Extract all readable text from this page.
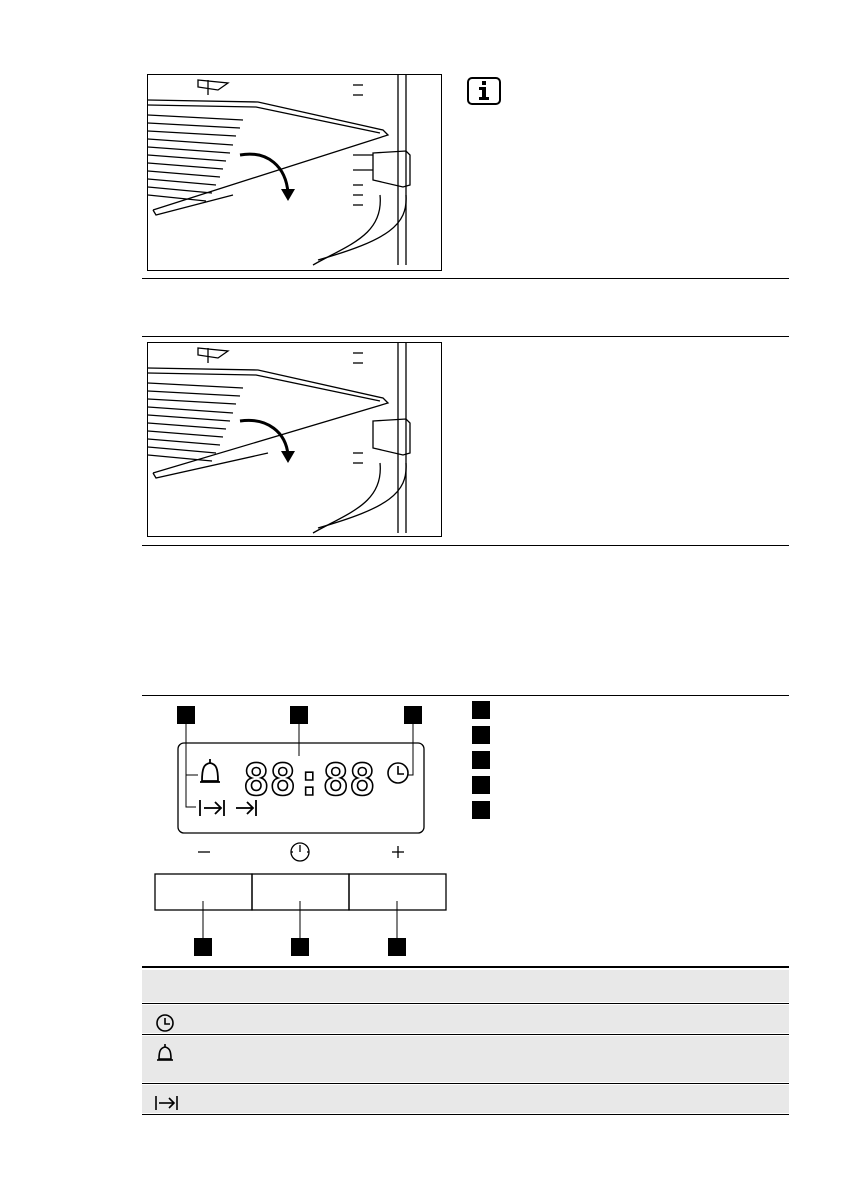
88:88
